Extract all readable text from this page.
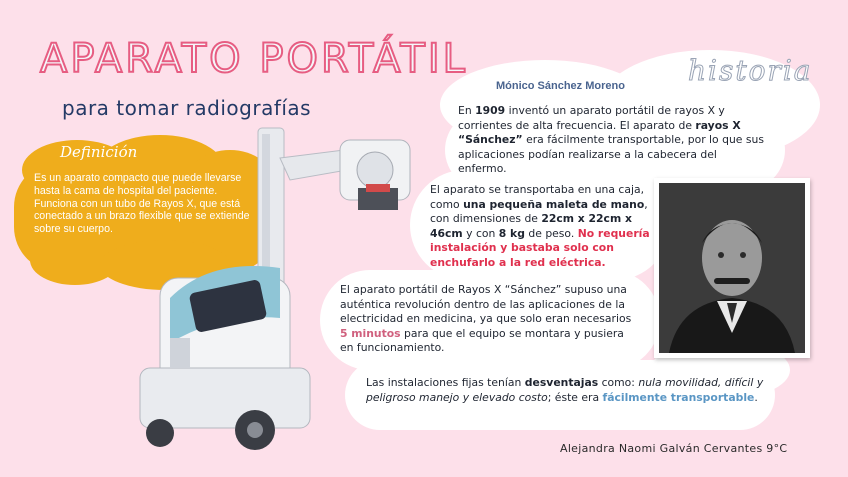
APARATO PORTÁTIL
para tomar radiografías
Definición
Es un aparato compacto que puede llevarse hasta la cama de hospital del paciente. Funciona con un tubo de Rayos X, que está conectado a un brazo flexible que se extiende sobre su cuerpo.
historia
Mónico Sánchez Moreno
En 1909 inventó un aparato portátil de rayos X y corrientes de alta frecuencia. El aparato de rayos X “Sánchez” era fácilmente transportable, por lo que sus aplicaciones podían realizarse a la cabecera del enfermo.
El aparato se transportaba en una caja, como una pequeña maleta de mano, con dimensiones de 22cm x 22cm x 46cm y con 8 kg de peso. No requería instalación y bastaba solo con enchufarlo a la red eléctrica.
El aparato portátil de Rayos X “Sánchez” supuso una auténtica revolución dentro de las aplicaciones de la electricidad en medicina, ya que solo eran necesarios 5 minutos para que el equipo se montara y pusiera en funcionamiento.
Las instalaciones fijas tenían desventajas como: nula movilidad, difícil y peligroso manejo y elevado costo; éste era fácilmente transportable.
Alejandra Naomi Galván Cervantes 9°C
